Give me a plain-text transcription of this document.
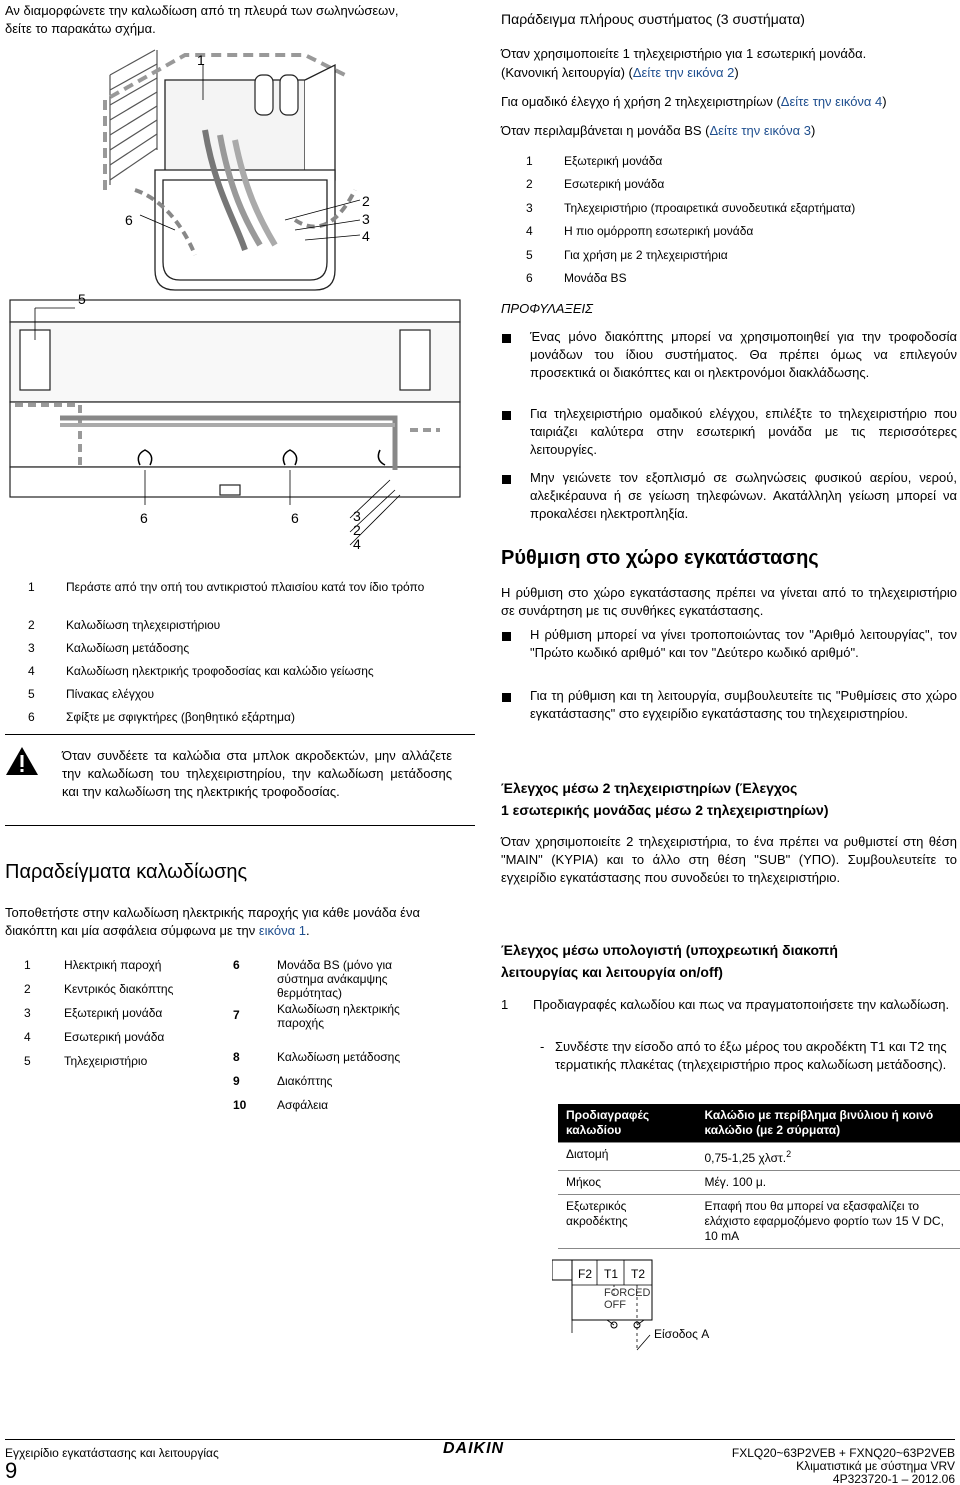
Αν διαμορφώνετε την καλωδίωση από τη πλευρά των σωληνώσεων,
δείτε το παρακάτω σχήμα.
1
6
2
3
4
5
6	6	3
2
4
1	Περάστε από την οπή του αντικριστού πλαισίου κατά τον ίδιο τρόπο
2	Καλωδίωση τηλεχειριστήριου
3	Καλωδίωση μετάδοσης
4	Καλωδίωση ηλεκτρικής τροφοδοσίας και καλώδιο γείωσης
5	Πίνακας ελέγχου
6	Σφίξτε με σφιγκτήρες (βοηθητικό εξάρτημα)
Όταν συνδέετε τα καλώδια στα μπλοκ ακροδεκτών, μην αλλάζετε την καλωδίωση του τηλεχειριστηρίου, την καλωδίωση μετάδοσης και την καλωδίωση της ηλεκτρικής τροφοδοσίας.
Παραδείγματα καλωδίωσης
Τοποθετήστε στην καλωδίωση ηλεκτρικής παροχής για κάθε μονάδα ένα διακόπτη και μία ασφάλεια σύμφωνα με την εικόνα 1.
1	Ηλεκτρική παροχή
2	Κεντρικός διακόπτης
3	Εξωτερική μονάδα
4	Εσωτερική μονάδα
5	Τηλεχειριστήριο
6	Μονάδα BS (μόνο για σύστημα ανάκαμψης θερμότητας)
7	Καλωδίωση ηλεκτρικής παροχής
8	Καλωδίωση μετάδοσης
9	Διακόπτης
10	Ασφάλεια
Παράδειγμα πλήρους συστήματος (3 συστήματα)
Όταν χρησιμοποιείτε 1 τηλεχειριστήριο για 1 εσωτερική μονάδα.
(Κανονική λειτουργία) (Δείτε την εικόνα 2)
Για ομαδικό έλεγχο ή χρήση 2 τηλεχειριστηρίων (Δείτε την εικόνα 4)
Όταν περιλαμβάνεται η μονάδα BS (Δείτε την εικόνα 3)
1	Εξωτερική μονάδα
2	Εσωτερική μονάδα
3	Τηλεχειριστήριο (προαιρετικά συνοδευτικά εξαρτήματα)
4	Η πιο ομόρροπη εσωτερική μονάδα
5	Για χρήση με 2 τηλεχειριστήρια
6	Μονάδα BS
ΠΡΟΦΥΛΑΞΕΙΣ
Ένας μόνο διακόπτης μπορεί να χρησιμοποιηθεί για την τροφοδοσία μονάδων του ίδιου συστήματος. Θα πρέπει όμως να επιλεγούν προσεκτικά οι διακόπτες και οι ηλεκτρονόμοι διακλάδωσης.
Για τηλεχειριστήριο ομαδικού ελέγχου, επιλέξτε το τηλεχειριστήριο που ταιριάζει καλύτερα στην εσωτερική μονάδα με τις περισσότερες λειτουργίες.
Μην γειώνετε τον εξοπλισμό σε σωληνώσεις φυσικού αερίου, νερού, αλεξικέραυνα ή σε γείωση τηλεφώνων. Ακατάλληλη γείωση μπορεί να προκαλέσει ηλεκτροπληξία.
Ρύθμιση στο χώρο εγκατάστασης
Η ρύθμιση στο χώρο εγκατάστασης πρέπει να γίνεται από το τηλεχειριστήριο σε συνάρτηση με τις συνθήκες εγκατάστασης.
Η ρύθμιση μπορεί να γίνει τροποποιώντας τον "Αριθμό λειτουργίας", τον "Πρώτο κωδικό αριθμό" και τον "Δεύτερο κωδικό αριθμό".
Για τη ρύθμιση και τη λειτουργία, συμβουλευτείτε τις "Ρυθμίσεις στο χώρο εγκατάστασης" στο εγχειρίδιο εγκατάστασης του τηλεχειριστηρίου.
Έλεγχος μέσω 2 τηλεχειριστηρίων (Έλεγχος
1 εσωτερικής μονάδας μέσω 2 τηλεχειριστηρίων)
Όταν χρησιμοποιείτε 2 τηλεχειριστήρια, το ένα πρέπει να ρυθμιστεί στη θέση "MAIN" (ΚΥΡΙΑ) και το άλλο στη θέση "SUB" (ΥΠΟ). Συμβουλευτείτε το εγχειρίδιο εγκατάστασης που συνοδεύει το τηλεχειριστήριο.
Έλεγχος μέσω υπολογιστή (υποχρεωτική διακοπή
λειτουργίας και λειτουργία on/off)
1 Προδιαγραφές καλωδίου και πως να πραγματοποιήσετε την καλωδίωση.
- Συνδέστε την είσοδο από το έξω μέρος του ακροδέκτη T1 και T2 της τερματικής πλακέτας (τηλεχειριστήριο προς καλωδίωση μετάδοσης).
Προδιαγραφές καλωδίου	Καλώδιο με περίβλημα βινύλιου ή κοινό καλώδιο (με 2 σύρματα)
Διατομή	0,75-1,25 χλστ.$^2$
Μήκος	Μέγ. 100 μ.
Εξωτερικός ακροδέκτης	Επαφή που θα μπορεί να εξασφαλίζει το ελάχιστο εφαρμοζόμενο φορτίο των 15 V DC, 10 mA
F2 T1 T2
FORCED
OFF
Είσοδος A
Εγχειρίδιο εγκατάστασης και λειτουργίας
9
DAIKIN	FXLQ20~63P2VEB + FXNQ20~63P2VEB
Κλιματιστικά με σύστημα VRV
4P323720-1 – 2012.06
